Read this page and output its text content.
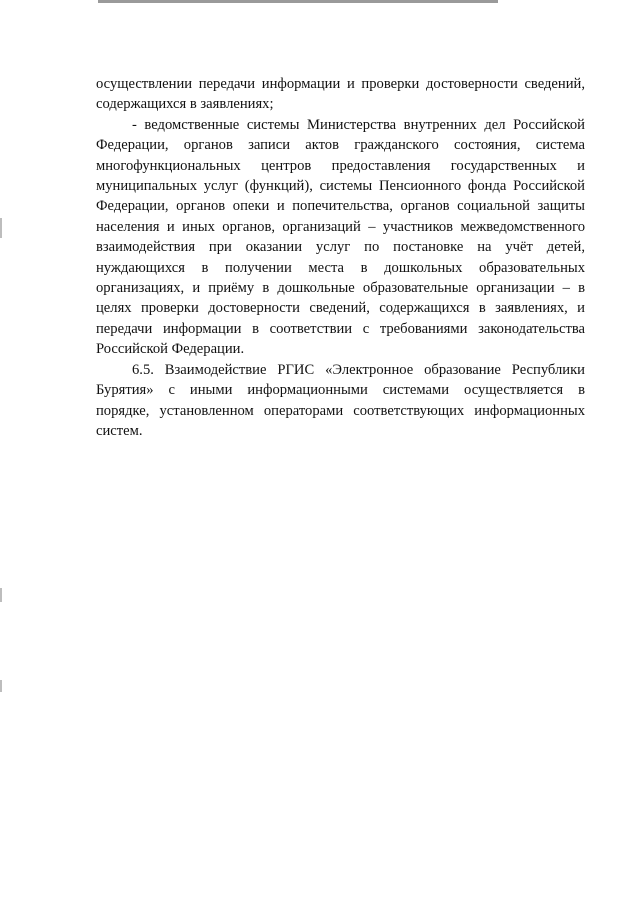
осуществлении передачи информации и проверки достоверности сведений,
содержащихся в заявлениях;
- ведомственные системы Министерства внутренних дел Российской
Федерации, органов записи актов гражданского состояния, система
многофункциональных центров предоставления государственных и
муниципальных услуг (функций), системы Пенсионного фонда Российской
Федерации, органов опеки и попечительства, органов социальной защиты
населения и иных органов, организаций – участников межведомственного
взаимодействия при оказании услуг по постановке на учёт детей,
нуждающихся в получении места в дошкольных образовательных
организациях, и приёму в дошкольные образовательные организации – в
целях проверки достоверности сведений, содержащихся в заявлениях, и
передачи информации в соответствии с требованиями законодательства
Российской Федерации.
6.5. Взаимодействие РГИС «Электронное образование Республики
Бурятия» с иными информационными системами осуществляется в
порядке, установленном операторами соответствующих информационных
систем.
